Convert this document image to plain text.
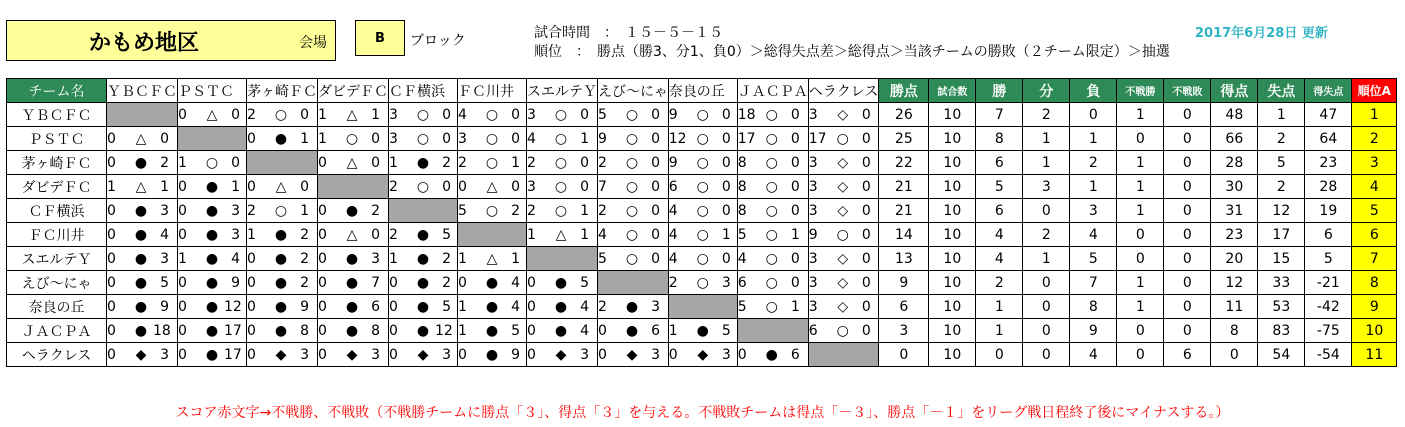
かもめ地区	会場	B	ブロック	試合時間　：　１５－５－１５
順位　：　勝点（勝3、分1、負0）＞総得失点差＞総得点＞当該チームの勝敗（２チーム限定）＞抽選
2017年6月28日 更新
チーム名	ＹＢＣＦＣ	ＰＳＴＣ	茅ヶ崎ＦＣ	ダビデＦＣ	ＣＦ横浜	ＦＣ川井	スエルテＹ	えび〜にゃ	奈良の丘	ＪＡＣＰＡ	ヘラクレス	勝点	試合数	勝	分	負	不戦勝	不戦敗	得点	失点	得失点	順位A
ＹＢＣＦＣ		0 △ 0	2 ○ 0	1 △ 1	3 ○ 0	4 ○ 0	3 ○ 0	5 ○ 0	9 ○ 0	18 ○ 0	3 ◇ 0	26	10	7	2	0	1	0	48	1	47	1
ＰＳＴＣ	0 △ 0		0 ● 1	1 ○ 0	3 ○ 0	3 ○ 0	4 ○ 1	9 ○ 0	12 ○ 0	17 ○ 0	17 ○ 0	25	10	8	1	1	0	0	66	2	64	2
茅ヶ崎ＦＣ	0 ● 2	1 ○ 0		0 △ 0	1 ● 2	2 ○ 1	2 ○ 0	2 ○ 0	9 ○ 0	8 ○ 0	3 ◇ 0	22	10	6	1	2	1	0	28	5	23	3
ダビデＦＣ	1 △ 1	0 ● 1	0 △ 0		2 ○ 0	0 △ 0	3 ○ 0	7 ○ 0	6 ○ 0	8 ○ 0	3 ◇ 0	21	10	5	3	1	1	0	30	2	28	4
ＣＦ横浜	0 ● 3	0 ● 3	2 ○ 1	0 ● 2		5 ○ 2	2 ○ 1	2 ○ 0	4 ○ 0	8 ○ 0	3 ◇ 0	21	10	6	0	3	1	0	31	12	19	5
ＦＣ川井	0 ● 4	0 ● 3	1 ● 2	0 △ 0	2 ● 5		1 △ 1	4 ○ 0	4 ○ 1	5 ○ 1	9 ○ 0	14	10	4	2	4	0	0	23	17	6	6
スエルテＹ	0 ● 3	1 ● 4	0 ● 2	0 ● 3	1 ● 2	1 △ 1		5 ○ 0	4 ○ 0	4 ○ 0	3 ◇ 0	13	10	4	1	5	0	0	20	15	5	7
えび〜にゃ	0 ● 5	0 ● 9	0 ● 2	0 ● 7	0 ● 2	0 ● 4	0 ● 5		2 ○ 3	6 ○ 0	3 ◇ 0	9	10	2	0	7	1	0	12	33	-21	8
奈良の丘	0 ● 9	0 ● 12	0 ● 9	0 ● 6	0 ● 5	1 ● 4	0 ● 4	2 ● 3		5 ○ 1	3 ◇ 0	6	10	1	0	8	1	0	11	53	-42	9
ＪＡＣＰＡ	0 ● 18	0 ● 17	0 ● 8	0 ● 8	0 ● 12	1 ● 5	0 ● 4	0 ● 6	1 ● 5		6 ○ 0	3	10	1	0	9	0	0	8	83	-75	10
ヘラクレス	0 ◆ 3	0 ● 17	0 ◆ 3	0 ◆ 3	0 ◆ 3	0 ● 9	0 ◆ 3	0 ◆ 3	0 ◆ 3	0 ● 6		0	10	0	0	4	0	6	0	54	-54	11
スコア赤文字→不戦勝、不戦敗（不戦勝チームに勝点「３」、得点「３」を与える。不戦敗チームは得点「－３」、勝点「－１」をリーグ戦日程終了後にマイナスする。）
